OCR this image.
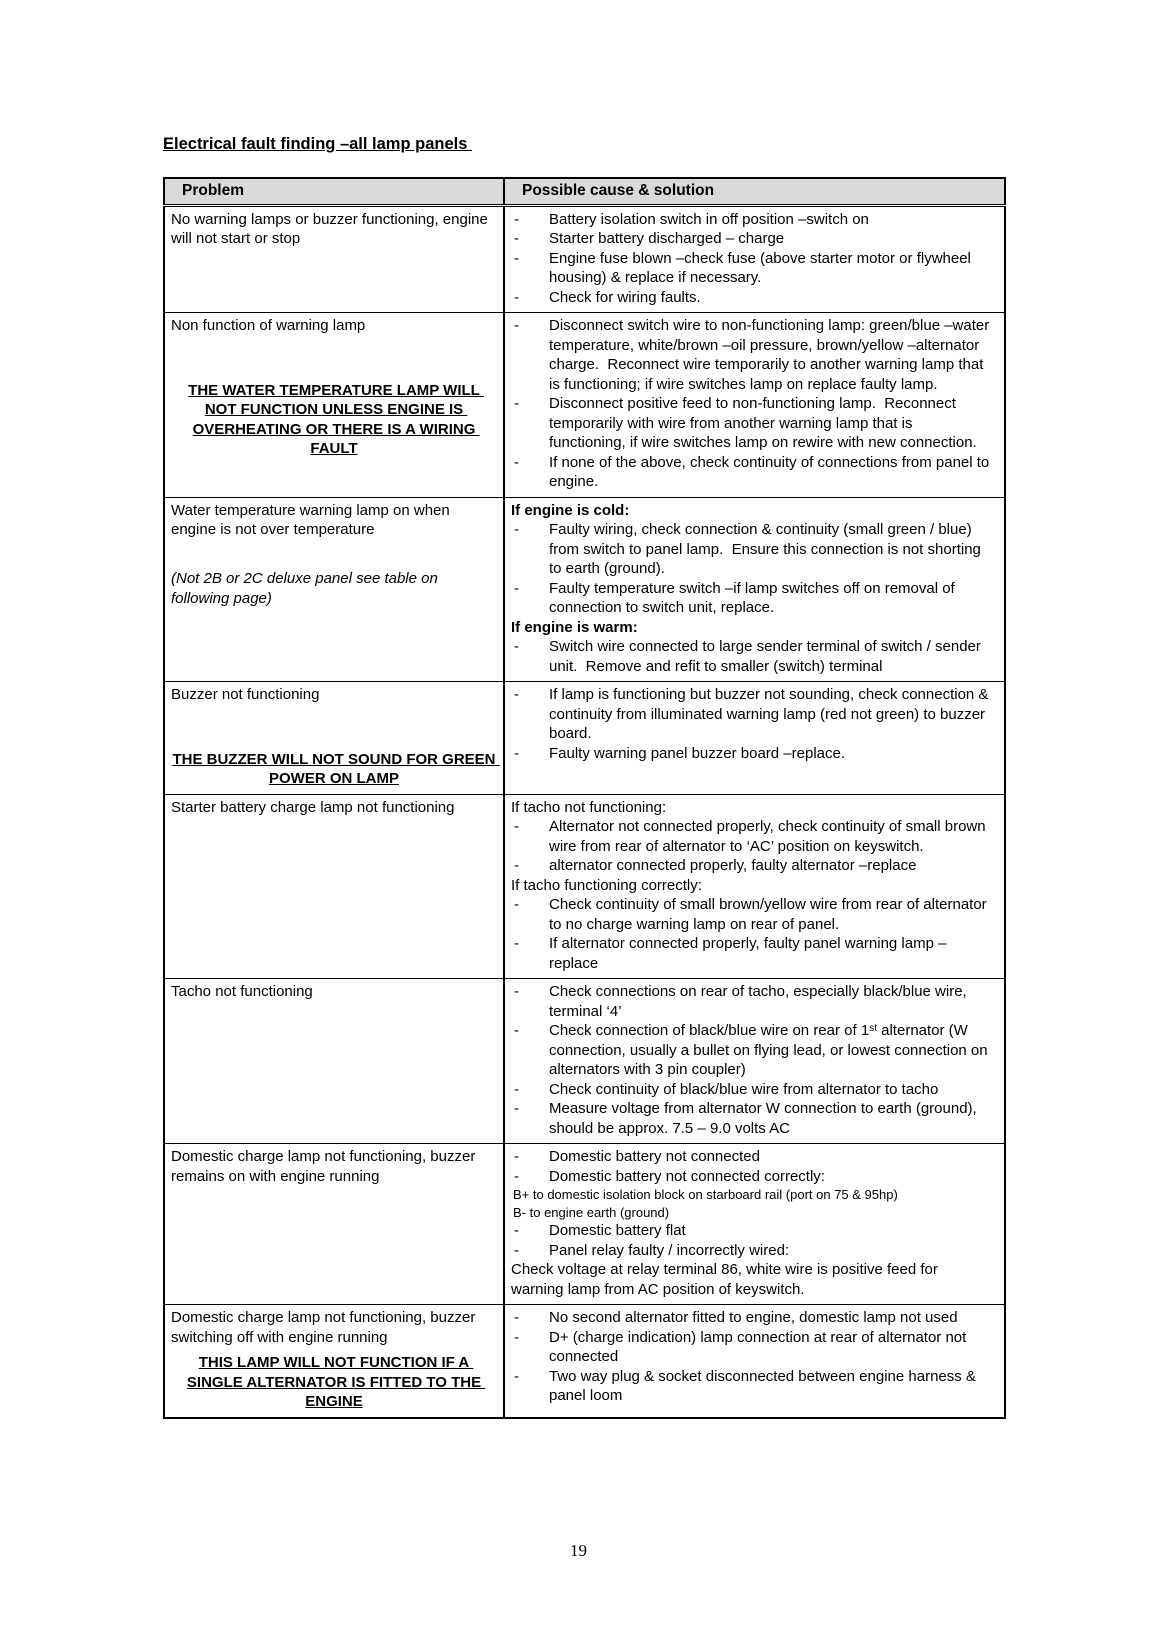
Electrical fault finding –all lamp panels
Problem	Possible cause & solution

No warning lamps or buzzer functioning, engine will not start or stop

-	Battery isolation switch in off position –switch on
-	Starter battery discharged – charge
-	Engine fuse blown –check fuse (above starter motor or flywheel housing) & replace if necessary.
-	Check for wiring faults.

Non function of warning lamp
THE WATER TEMPERATURE LAMP WILL NOT FUNCTION UNLESS ENGINE IS OVERHEATING OR THERE IS A WIRING FAULT

-	Disconnect switch wire to non-functioning lamp: green/blue –water temperature, white/brown –oil pressure, brown/yellow –alternator charge.  Reconnect wire temporarily to another warning lamp that is functioning; if wire switches lamp on replace faulty lamp.
-	Disconnect positive feed to non-functioning lamp.  Reconnect temporarily with wire from another warning lamp that is functioning, if wire switches lamp on rewire with new connection.
-	If none of the above, check continuity of connections from panel to engine.

Water temperature warning lamp on when engine is not over temperature
(Not 2B or 2C deluxe panel see table on following page)

If engine is cold:
-	Faulty wiring, check connection & continuity (small green / blue) from switch to panel lamp.  Ensure this connection is not shorting to earth (ground).
-	Faulty temperature switch –if lamp switches off on removal of connection to switch unit, replace.
If engine is warm:
-	Switch wire connected to large sender terminal of switch / sender unit.  Remove and refit to smaller (switch) terminal

Buzzer not functioning
THE BUZZER WILL NOT SOUND FOR GREEN POWER ON LAMP

-	If lamp is functioning but buzzer not sounding, check connection & continuity from illuminated warning lamp (red not green) to buzzer board.
-	Faulty warning panel buzzer board –replace.

Starter battery charge lamp not functioning	If tacho not functioning:
-	Alternator not connected properly, check continuity of small brown wire from rear of alternator to ‘AC’ position on keyswitch.
-	alternator connected properly, faulty alternator –replace
If tacho functioning correctly:
-	Check continuity of small brown/yellow wire from rear of alternator to no charge warning lamp on rear of panel.
-	If alternator connected properly, faulty panel warning lamp –replace

Tacho not functioning	-	Check connections on rear of tacho, especially black/blue wire, terminal ‘4’
-	Check connection of black/blue wire on rear of 1st alternator (W connection, usually a bullet on flying lead, or lowest connection on alternators with 3 pin coupler)
-	Check continuity of black/blue wire from alternator to tacho
-	Measure voltage from alternator W connection to earth (ground), should be approx. 7.5 – 9.0 volts AC

Domestic charge lamp not functioning, buzzer remains on with engine running

-	Domestic battery not connected
-	Domestic battery not connected correctly:
B+ to domestic isolation block on starboard rail (port on 75 & 95hp)
B- to engine earth (ground)
-	Domestic battery flat
-	Panel relay faulty / incorrectly wired:
Check voltage at relay terminal 86, white wire is positive feed for warning lamp from AC position of keyswitch.

Domestic charge lamp not functioning, buzzer switching off with engine running
THIS LAMP WILL NOT FUNCTION IF A SINGLE ALTERNATOR IS FITTED TO THE ENGINE

-	No second alternator fitted to engine, domestic lamp not used
-	D+ (charge indication) lamp connection at rear of alternator not connected
-	Two way plug & socket disconnected between engine harness & panel loom
19
